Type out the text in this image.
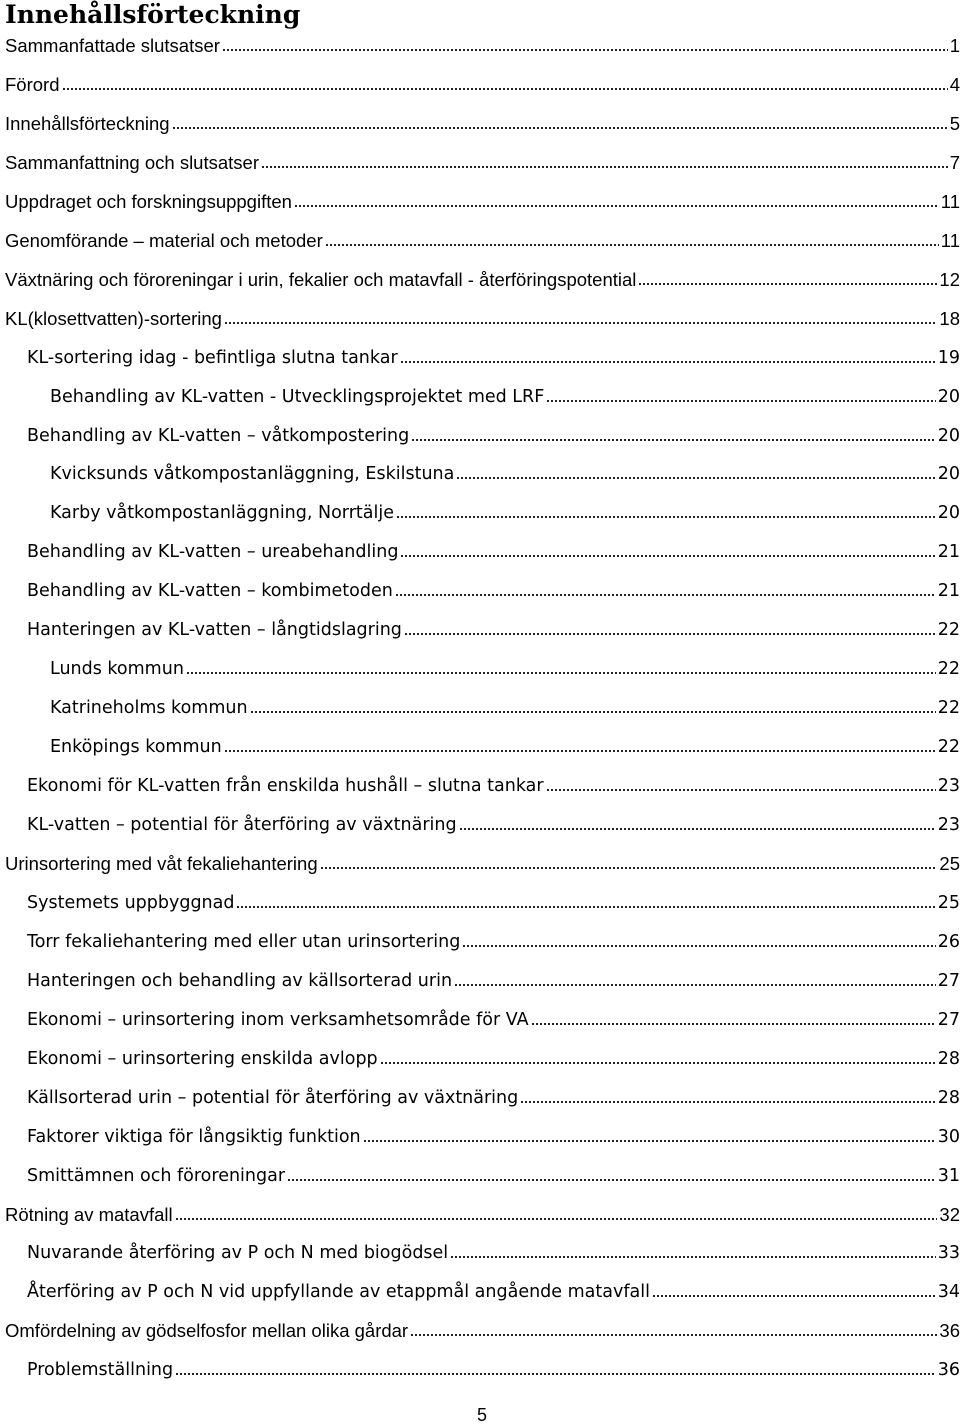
Innehållsförteckning
Sammanfattade slutsatser	1
Förord	4
Innehållsförteckning	5
Sammanfattning och slutsatser	7
Uppdraget och forskningsuppgiften	11
Genomförande – material och metoder	11
Växtnäring och föroreningar i urin, fekalier och matavfall - återföringspotential	12
KL(klosettvatten)-sortering	18
KL-sortering idag - befintliga slutna tankar	19
Behandling av KL-vatten - Utvecklingsprojektet med LRF	20
Behandling av KL-vatten – våtkompostering	20
Kvicksunds våtkompostanläggning, Eskilstuna	20
Karby våtkompostanläggning, Norrtälje	20
Behandling av KL-vatten – ureabehandling	21
Behandling av KL-vatten – kombimetoden	21
Hanteringen av KL-vatten – långtidslagring	22
Lunds kommun	22
Katrineholms kommun	22
Enköpings kommun	22
Ekonomi för KL-vatten från enskilda hushåll – slutna tankar	23
KL-vatten – potential för återföring av växtnäring	23
Urinsortering med våt fekaliehantering	25
Systemets uppbyggnad	25
Torr fekaliehantering med eller utan urinsortering	26
Hanteringen och behandling av källsorterad urin	27
Ekonomi – urinsortering inom verksamhetsområde för VA	27
Ekonomi – urinsortering enskilda avlopp	28
Källsorterad urin – potential för återföring av växtnäring	28
Faktorer viktiga för långsiktig funktion	30
Smittämnen och föroreningar	31
Rötning av matavfall	32
Nuvarande återföring av P och N med biogödsel	33
Återföring av P och N vid uppfyllande av etappmål angående matavfall	34
Omfördelning av gödselfosfor mellan olika gårdar	36
Problemställning	36
5
